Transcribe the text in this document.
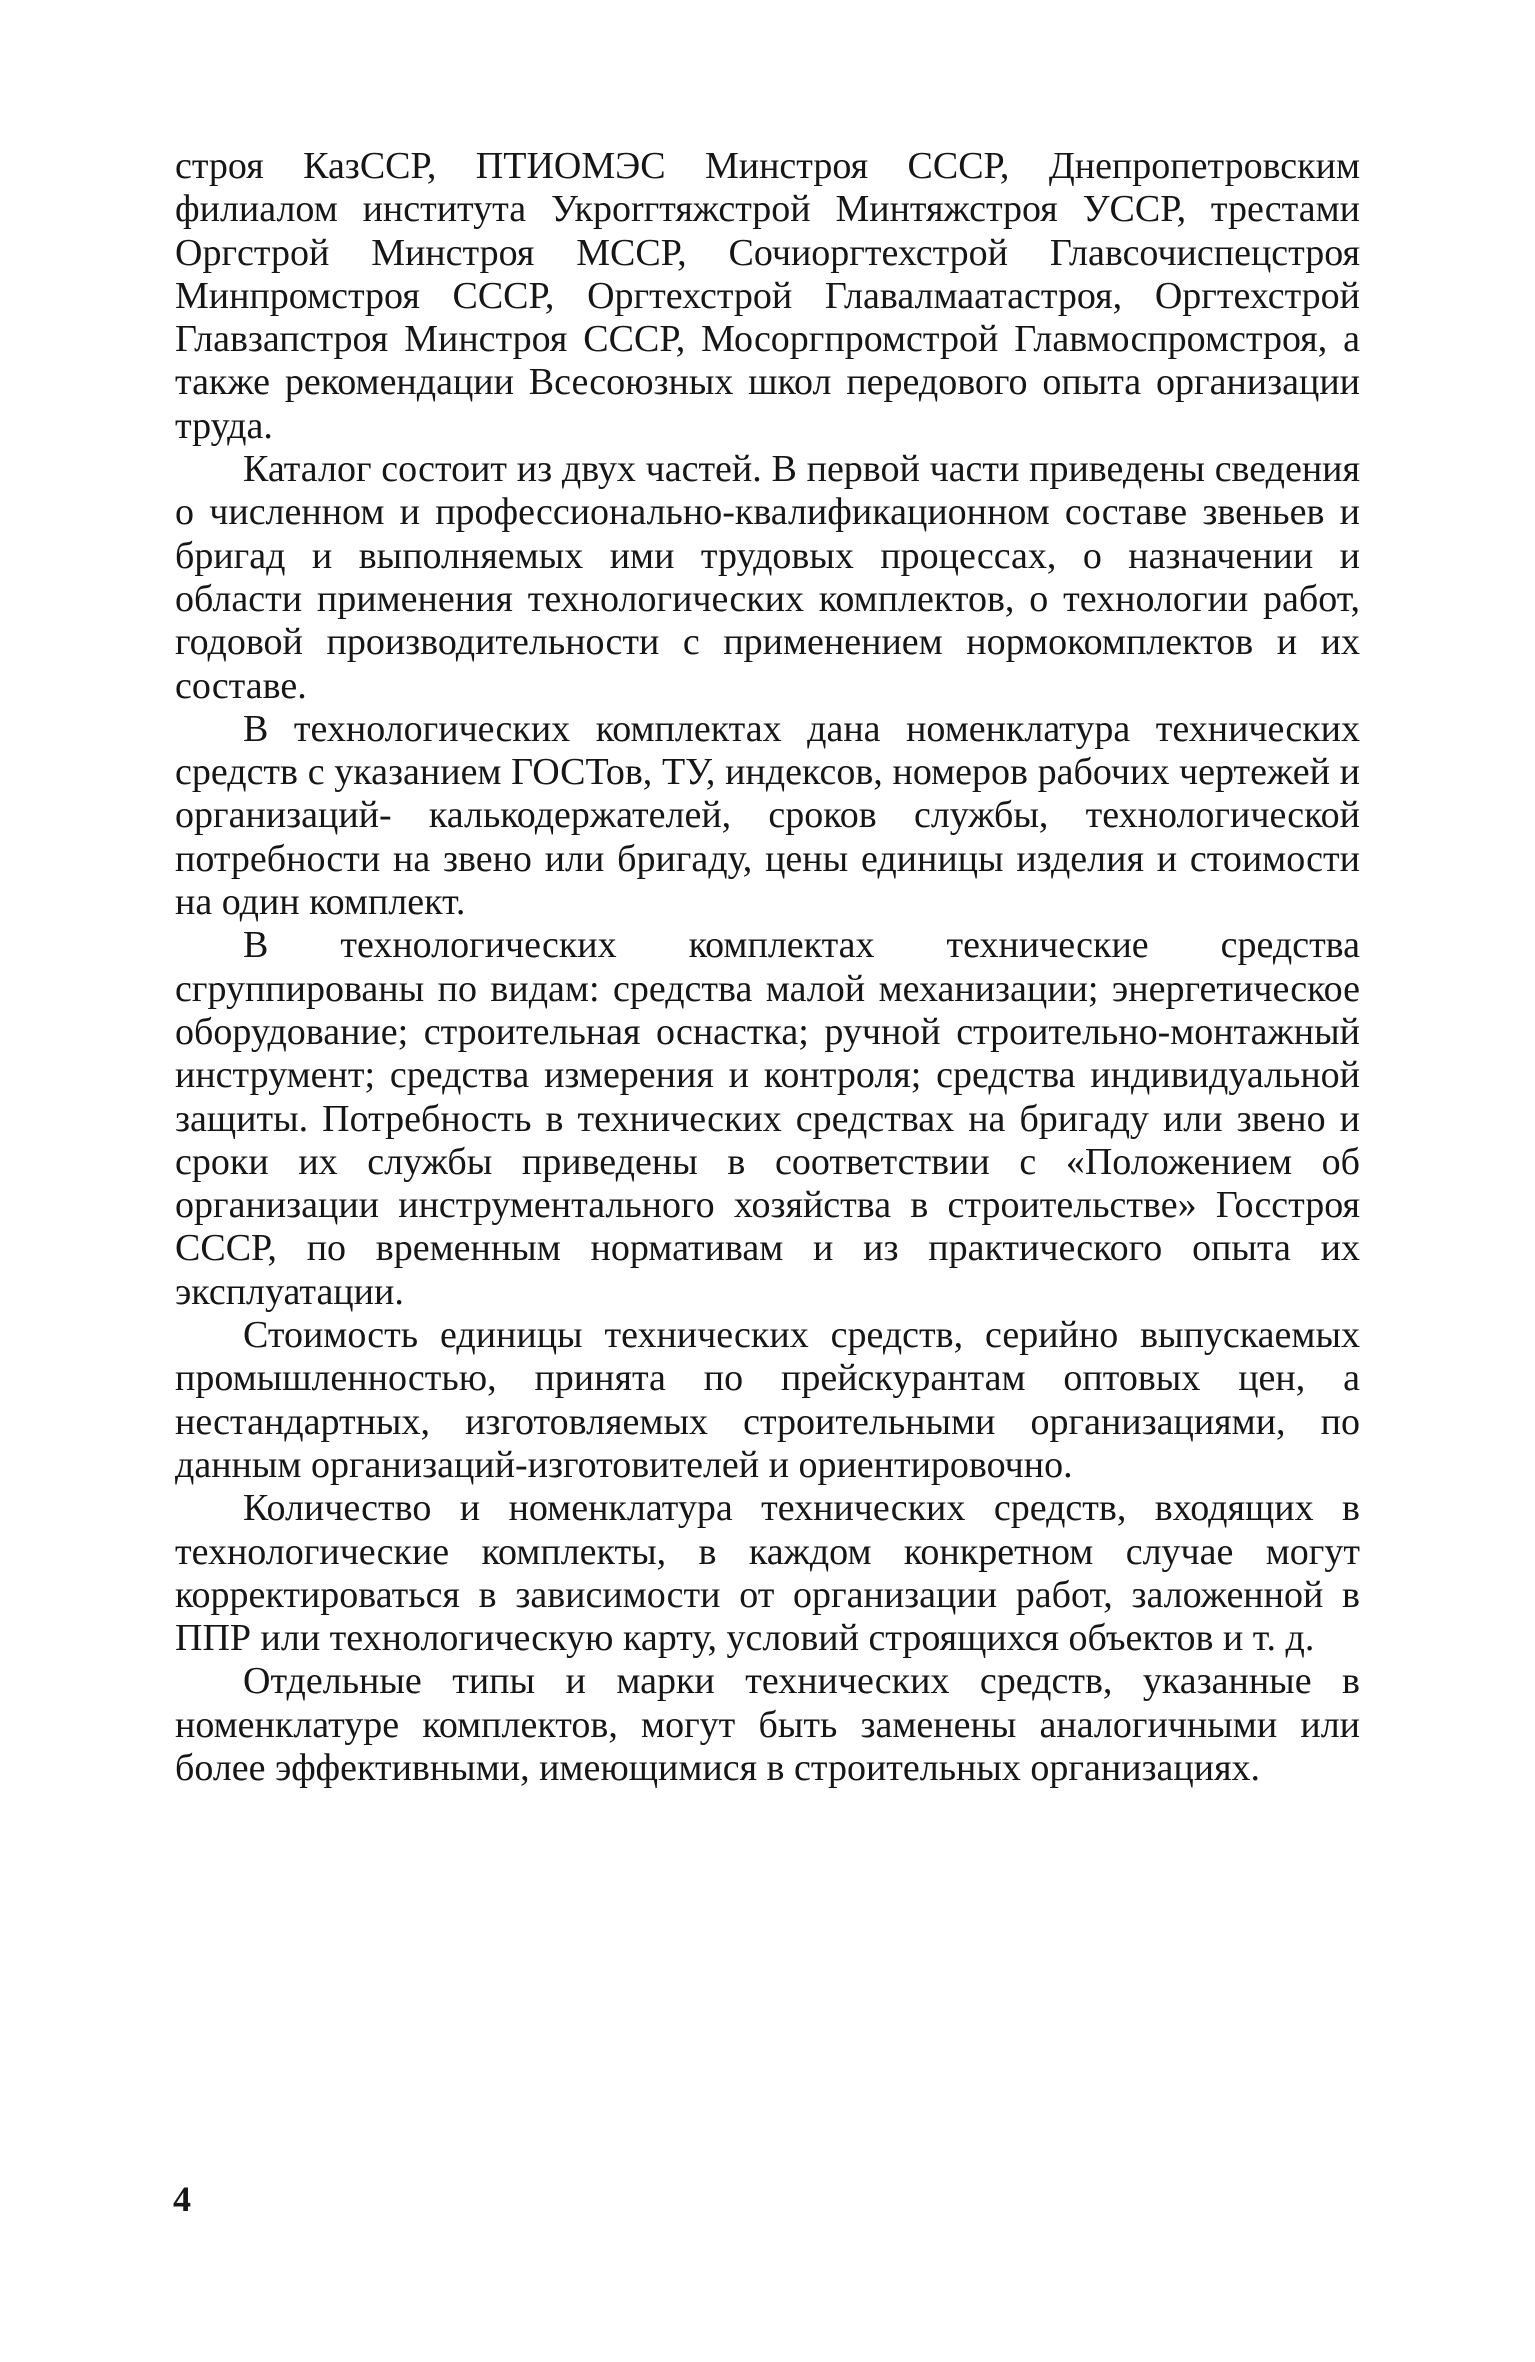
строя КазССР, ПТИОМЭС Минстроя СССР, Днепропетровским филиалом института Укрorгтяжстрой Минтяжстроя УССР, трестами Оргстрой Минстроя МССР, Сочиоргтехстрой Главсочиспецстроя Минпромстроя СССР, Оргтехстрой Главалмаатастроя, Оргтехстрой Главзапстроя Минстроя СССР, Мосоргпромстрой Главмоспромстроя, а также рекомендации Всесоюзных школ передового опыта организации труда.

Каталог состоит из двух частей. В первой части приведены сведения о численном и профессионально-квалификационном составе звеньев и бригад и выполняемых ими трудовых процессах, о назначении и области применения технологических комплектов, о технологии работ, годовой производительности с применением нормокомплектов и их составе.

В технологических комплектах дана номенклатура технических средств с указанием ГОСТов, ТУ, индексов, номеров рабочих чертежей и организаций- калькодержателей, сроков службы, технологической потребности на звено или бригаду, цены единицы изделия и стоимости на один комплект.

В технологических комплектах технические средства сгруппированы по видам: средства малой механизации; энергетическое оборудование; строительная оснастка; ручной строительно-монтажный инструмент; средства измерения и контроля; средства индивидуальной защиты. Потребность в технических средствах на бригаду или звено и сроки их службы приведены в соответствии с «Положением об организации инструментального хозяйства в строительстве» Госстроя СССР, по временным нормативам и из практического опыта их эксплуатации.

Стоимость единицы технических средств, серийно выпускаемых промышленностью, принята по прейскурантам оптовых цен, а нестандартных, изготовляемых строительными организациями, по данным организаций-изготовителей и ориентировочно.

Количество и номенклатура технических средств, входящих в технологические комплекты, в каждом конкретном случае могут корректироваться в зависимости от организации работ, заложенной в ППР или технологическую карту, условий строящихся объектов и т. д.

Отдельные типы и марки технических средств, указанные в номенклатуре комплектов, могут быть заменены аналогичными или более эффективными, имеющимися в строительных организациях.

4
